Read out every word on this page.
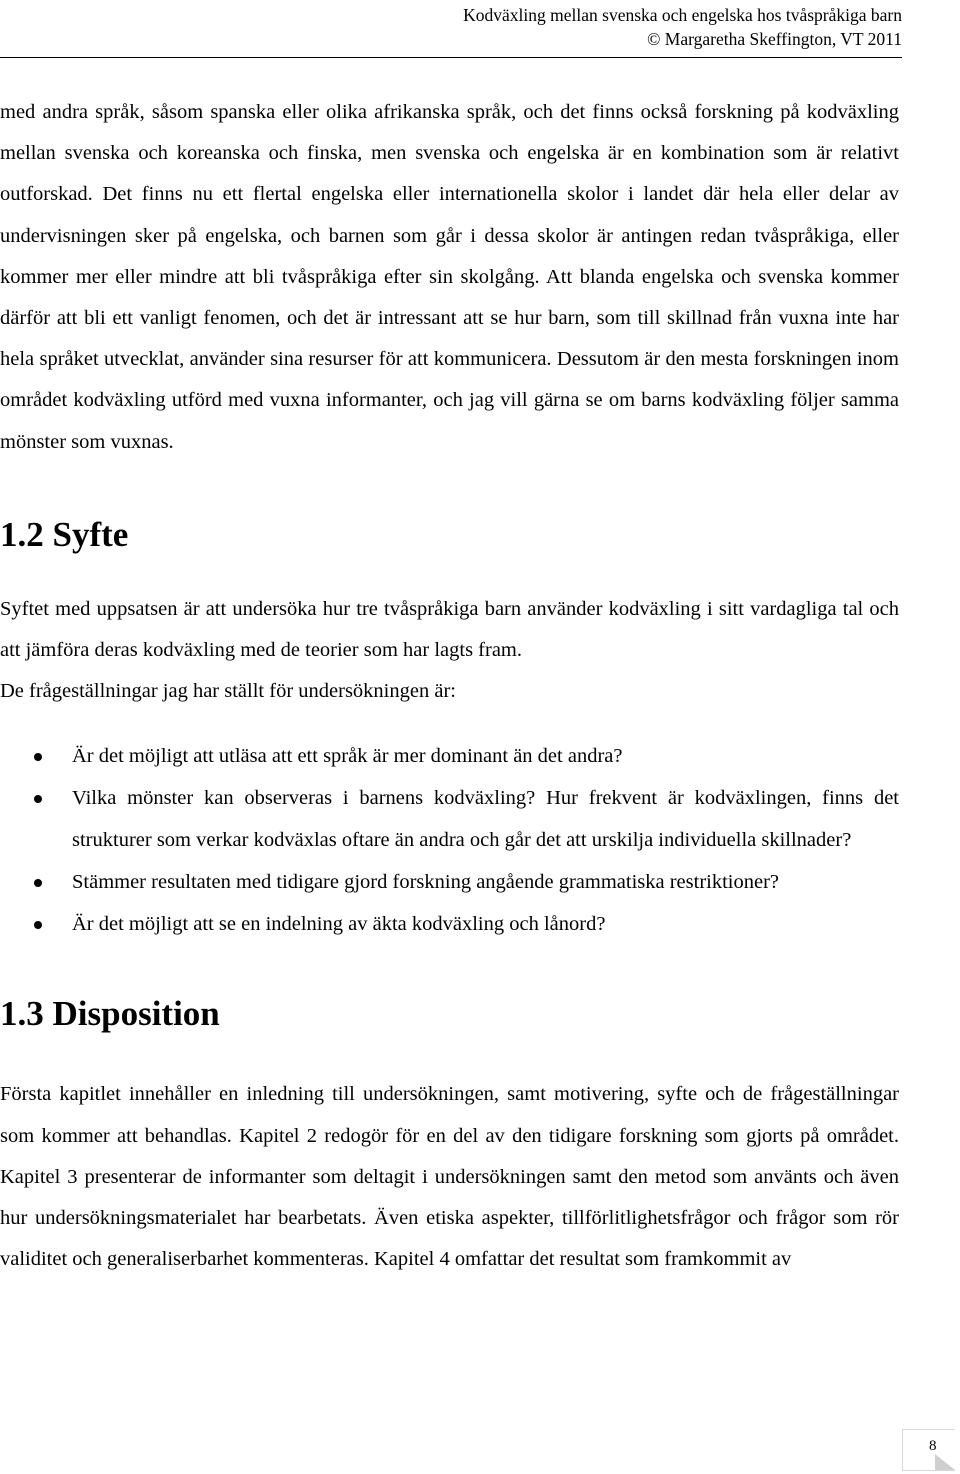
Kodväxling mellan svenska och engelska hos tvåspråkiga barn
© Margaretha Skeffington, VT 2011

med andra språk, såsom spanska eller olika afrikanska språk, och det finns också forskning på kodväxling mellan svenska och koreanska och finska, men svenska och engelska är en kombination som är relativt outforskad. Det finns nu ett flertal engelska eller internationella skolor i landet där hela eller delar av undervisningen sker på engelska, och barnen som går i dessa skolor är antingen redan tvåspråkiga, eller kommer mer eller mindre att bli tvåspråkiga efter sin skolgång. Att blanda engelska och svenska kommer därför att bli ett vanligt fenomen, och det är intressant att se hur barn, som till skillnad från vuxna inte har hela språket utvecklat, använder sina resurser för att kommunicera. Dessutom är den mesta forskningen inom området kodväxling utförd med vuxna informanter, och jag vill gärna se om barns kodväxling följer samma mönster som vuxnas.

1.2 Syfte

Syftet med uppsatsen är att undersöka hur tre tvåspråkiga barn använder kodväxling i sitt vardagliga tal och att jämföra deras kodväxling med de teorier som har lagts fram.

De frågeställningar jag har ställt för undersökningen är:

Är det möjligt att utläsa att ett språk är mer dominant än det andra?
Vilka mönster kan observeras i barnens kodväxling? Hur frekvent är kodväxlingen, finns det strukturer som verkar kodväxlas oftare än andra och går det att urskilja individuella skillnader?
Stämmer resultaten med tidigare gjord forskning angående grammatiska restriktioner?
Är det möjligt att se en indelning av äkta kodväxling och lånord?
1.3 Disposition

Första kapitlet innehåller en inledning till undersökningen, samt motivering, syfte och de frågeställningar som kommer att behandlas. Kapitel 2 redogör för en del av den tidigare forskning som gjorts på området. Kapitel 3 presenterar de informanter som deltagit i undersökningen samt den metod som använts och även hur undersökningsmaterialet har bearbetats. Även etiska aspekter, tillförlitlighetsfrågor och frågor som rör validitet och generaliserbarhet kommenteras. Kapitel 4 omfattar det resultat som framkommit av

8
